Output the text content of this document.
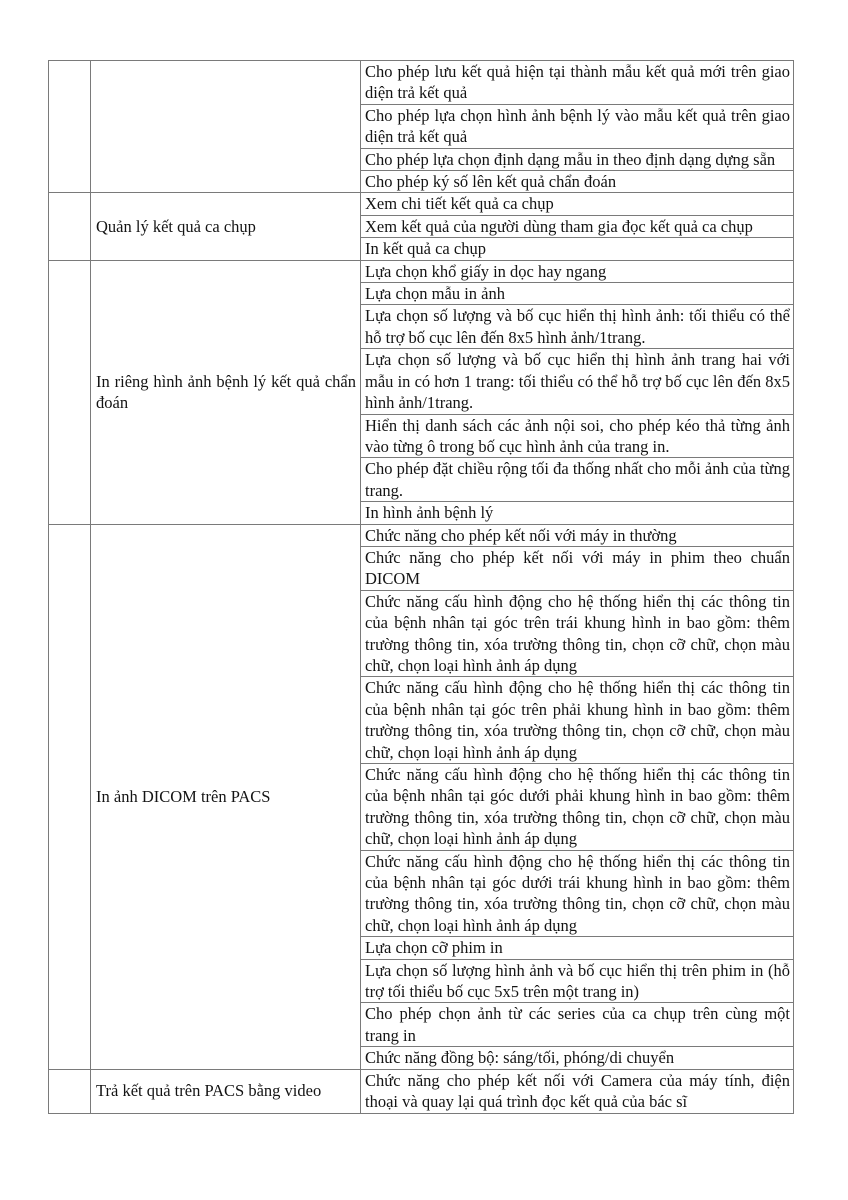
		Cho phép lưu kết quả hiện tại thành mẫu kết quả mới trên giao diện trả kết quả
		Cho phép lựa chọn hình ảnh bệnh lý vào mẫu kết quả trên giao diện trả kết quả
		Cho phép lựa chọn định dạng mẫu in theo định dạng dựng sẵn
		Cho phép ký số lên kết quả chẩn đoán
	Quản lý kết quả ca chụp	Xem chi tiết kết quả ca chụp
		Xem kết quả của người dùng tham gia đọc kết quả ca chụp
		In kết quả ca chụp
	In riêng hình ảnh bệnh lý kết quả chẩn đoán	Lựa chọn khổ giấy in dọc hay ngang
		Lựa chọn mẫu in ảnh
		Lựa chọn số lượng và bố cục hiển thị hình ảnh: tối thiểu có thể hỗ trợ bố cục lên đến 8x5 hình ảnh/1trang.
		Lựa chọn số lượng và bố cục hiển thị hình ảnh trang hai với mẫu in có hơn 1 trang: tối thiểu có thể hỗ trợ bố cục lên đến 8x5 hình ảnh/1trang.
		Hiển thị danh sách các ảnh nội soi, cho phép kéo thả từng ảnh vào từng ô trong bố cục hình ảnh của trang in.
		Cho phép đặt chiều rộng tối đa thống nhất cho mỗi ảnh của từng trang.
		In hình ảnh bệnh lý
	In ảnh DICOM trên PACS	Chức năng cho phép kết nối với máy in thường
		Chức năng cho phép kết nối với máy in phim theo chuẩn DICOM
		Chức năng cấu hình động cho hệ thống hiển thị các thông tin của bệnh nhân tại góc trên trái khung hình in bao gồm: thêm trường thông tin, xóa trường thông tin, chọn cỡ chữ, chọn màu chữ, chọn loại hình ảnh áp dụng
		Chức năng cấu hình động cho hệ thống hiển thị các thông tin của bệnh nhân tại góc trên phải khung hình in bao gồm: thêm trường thông tin, xóa trường thông tin, chọn cỡ chữ, chọn màu chữ, chọn loại hình ảnh áp dụng
		Chức năng cấu hình động cho hệ thống hiển thị các thông tin của bệnh nhân tại góc dưới phải khung hình in bao gồm: thêm trường thông tin, xóa trường thông tin, chọn cỡ chữ, chọn màu chữ, chọn loại hình ảnh áp dụng
		Chức năng cấu hình động cho hệ thống hiển thị các thông tin của bệnh nhân tại góc dưới trái khung hình in bao gồm: thêm trường thông tin, xóa trường thông tin, chọn cỡ chữ, chọn màu chữ, chọn loại hình ảnh áp dụng
		Lựa chọn cỡ phim in
		Lựa chọn số lượng hình ảnh và bố cục hiển thị trên phim in (hỗ trợ tối thiểu bố cục 5x5 trên một trang in)
		Cho phép chọn ảnh từ các series của ca chụp trên cùng một trang in
		Chức năng đồng bộ: sáng/tối, phóng/di chuyển
	Trả kết quả trên PACS bằng video	Chức năng cho phép kết nối với Camera của máy tính, điện thoại và quay lại quá trình đọc kết quả của bác sĩ
